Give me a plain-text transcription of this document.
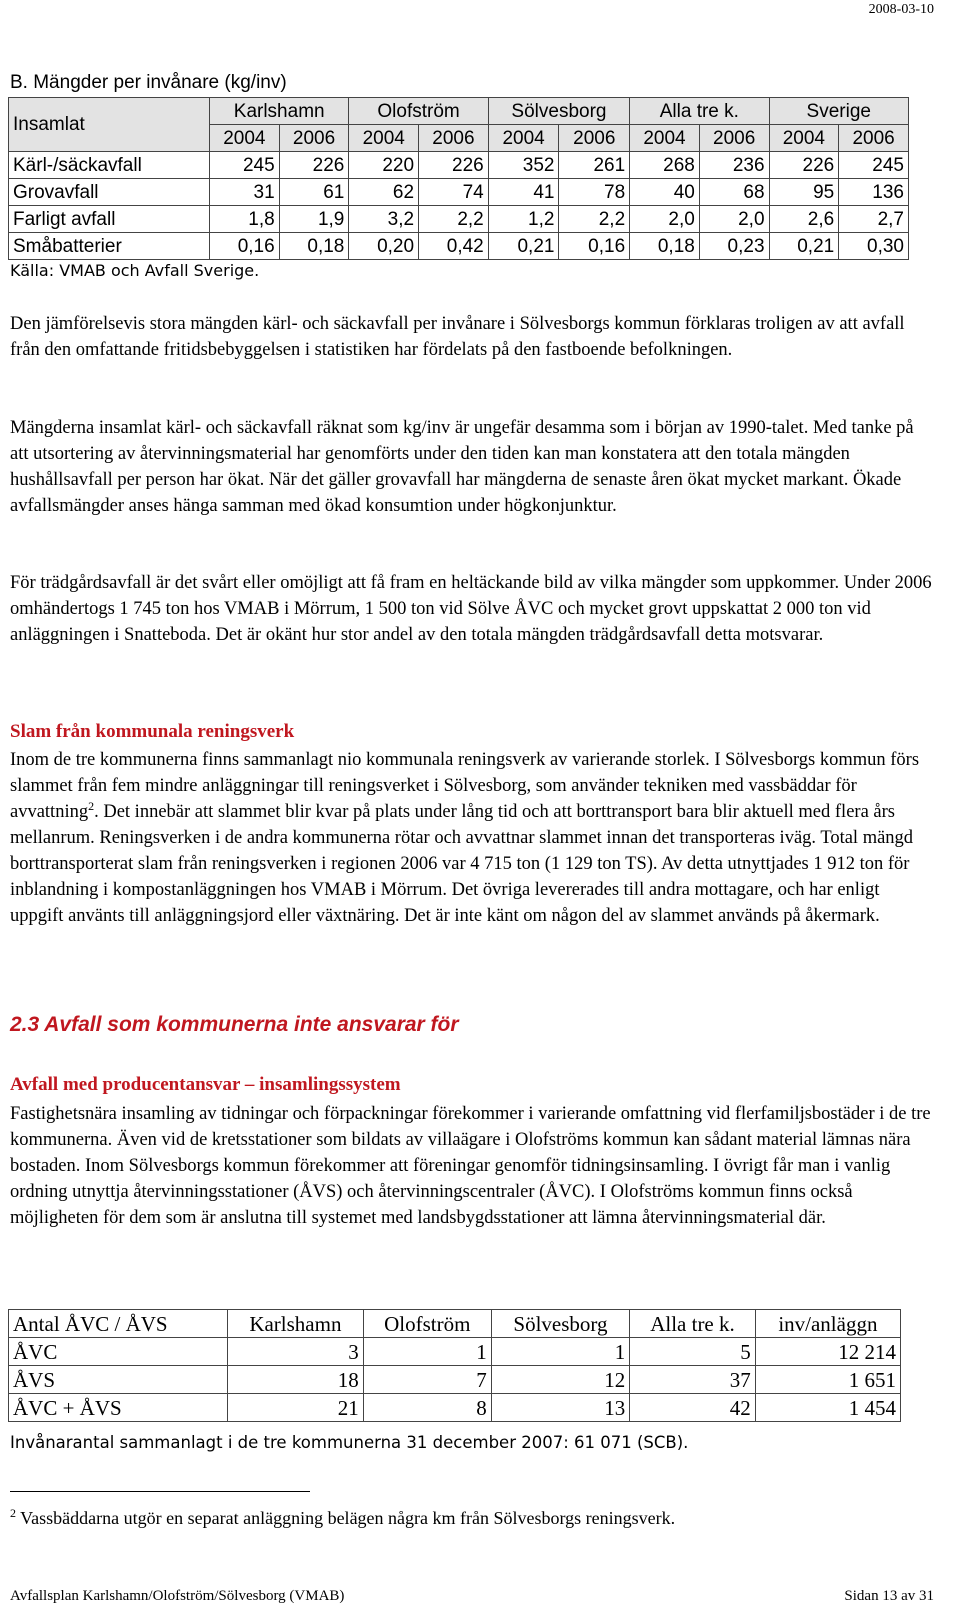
2008-03-10
B. Mängder per invånare (kg/inv)
Insamlat	Karlshamn		Olofström		Sölvesborg		Alla tre k.		Sverige	
	2004	2006	2004	2006	2004	2006	2004	2006	2004	2006
Kärl-/säckavfall	245	226	220	226	352	261	268	236	226	245
Grovavfall	31	61	62	74	41	78	40	68	95	136
Farligt avfall	1,8	1,9	3,2	2,2	1,2	2,2	2,0	2,0	2,6	2,7
Småbatterier	0,16	0,18	0,20	0,42	0,21	0,16	0,18	0,23	0,21	0,30
Källa: VMAB och Avfall Sverige.

Den jämförelsevis stora mängden kärl- och säckavfall per invånare i Sölvesborgs kommun förklaras troligen av att avfall från den omfattande fritidsbebyggelsen i statistiken har fördelats på den fastboende befolkningen.

Mängderna insamlat kärl- och säckavfall räknat som kg/inv är ungefär desamma som i början av 1990-talet. Med tanke på att utsortering av återvinningsmaterial har genomförts under den tiden kan man konstatera att den totala mängden hushållsavfall per person har ökat. När det gäller grovavfall har mängderna de senaste åren ökat mycket markant. Ökade avfallsmängder anses hänga samman med ökad konsumtion under högkonjunktur.

För trädgårdsavfall är det svårt eller omöjligt att få fram en heltäckande bild av vilka mängder som uppkommer. Under 2006 omhändertogs 1 745 ton hos VMAB i Mörrum, 1 500 ton vid Sölve ÅVC och mycket grovt uppskattat 2 000 ton vid anläggningen i Snatteboda. Det är okänt hur stor andel av den totala mängden trädgårdsavfall detta motsvarar.

Slam från kommunala reningsverk

Inom de tre kommunerna finns sammanlagt nio kommunala reningsverk av varierande storlek. I Sölvesborgs kommun förs slammet från fem mindre anläggningar till reningsverket i Sölvesborg, som använder tekniken med vassbäddar för avvattning$^2$. Det innebär att slammet blir kvar på plats under lång tid och att borttransport bara blir aktuell med flera års mellanrum. Reningsverken i de andra kommunerna rötar och avvattnar slammet innan det transporteras iväg. Total mängd borttransporterat slam från reningsverken i regionen 2006 var 4 715 ton (1 129 ton TS). Av detta utnyttjades 1 912 ton för inblandning i kompostanläggningen hos VMAB i Mörrum. Det övriga levererades till andra mottagare, och har enligt uppgift använts till anläggningsjord eller växtnäring. Det är inte känt om någon del av slammet används på åkermark.

2.3 Avfall som kommunerna inte ansvarar för
Avfall med producentansvar – insamlingssystem

Fastighetsnära insamling av tidningar och förpackningar förekommer i varierande omfattning vid flerfamiljsbostäder i de tre kommunerna. Även vid de kretsstationer som bildats av villaägare i Olofströms kommun kan sådant material lämnas nära bostaden. Inom Sölvesborgs kommun förekommer att föreningar genomför tidningsinsamling. I övrigt får man i vanlig ordning utnyttja återvinningsstationer (ÅVS) och återvinningscentraler (ÅVC). I Olofströms kommun finns också möjligheten för dem som är anslutna till systemet med landsbygdsstationer att lämna återvinningsmaterial där.

Antal ÅVC / ÅVS	Karlshamn	Olofström	Sölvesborg	Alla tre k.	inv/anläggn
ÅVC	3	1	1	5	12 214
ÅVS	18	7	12	37	1 651
ÅVC + ÅVS	21	8	13	42	1 454
Invånarantal sammanlagt i de tre kommunerna 31 december 2007: 61 071 (SCB).
$^2$ Vassbäddarna utgör en separat anläggning belägen några km från Sölvesborgs reningsverk.
Avfallsplan Karlshamn/Olofström/Sölvesborg (VMAB)	Sidan 13 av 31
